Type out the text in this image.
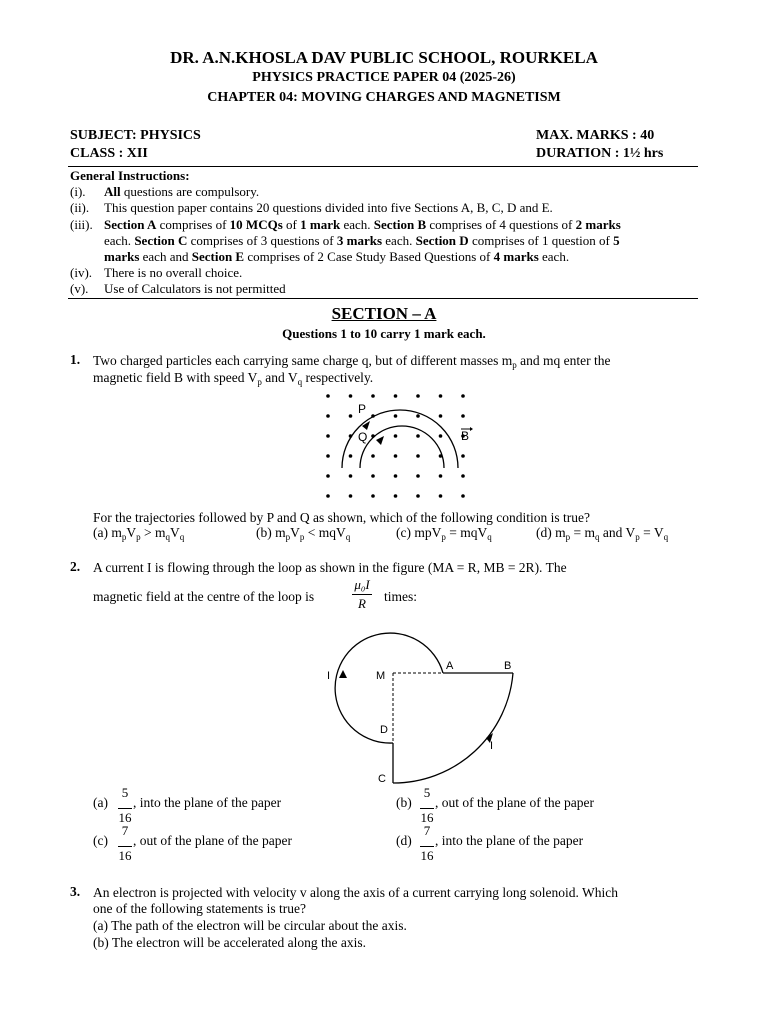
DR. A.N.KHOSLA DAV PUBLIC SCHOOL, ROURKELA
PHYSICS PRACTICE PAPER 04 (2025-26)
CHAPTER 04: MOVING CHARGES AND MAGNETISM
SUBJECT: PHYSICS
CLASS : XII
MAX. MARKS : 40
DURATION : 1½ hrs
General Instructions:
(i). All questions are compulsory.
(ii). This question paper contains 20 questions divided into five Sections A, B, C, D and E.
(iii). Section A comprises of 10 MCQs of 1 mark each. Section B comprises of 4 questions of 2 marks
each. Section C comprises of 3 questions of 3 marks each. Section D comprises of 1 question of 5
marks each and Section E comprises of 2 Case Study Based Questions of 4 marks each.
(iv). There is no overall choice.
(v). Use of Calculators is not permitted
SECTION – A
Questions 1 to 10 carry 1 mark each.
1. Two charged particles each carrying same charge q, but of different masses $m_p$ and mq enter the
magnetic field B with speed $V_p$ and $V_q$ respectively.
P
Q	B
For the trajectories followed by P and Q as shown, which of the following condition is true?
(a) $m_pV_p > m_qV_q$	(b) $m_pV_p < mqV_q$	(c) mpV$_p$ = mqV$_q$	(d) $m_p = m_q$ and $V_p = V_q$
2. A current I is flowing through the loop as shown in the figure (MA = R, MB = 2R). The
magnetic field at the centre of the loop is
μ₀I
R	times:
I	M
A	B
D
C
I
(a)
5
16
, into the plane of the paper	(b)
5
16
, out of the plane of the paper
(c)
7
16
, out of the plane of the paper	(d)
7
16
, into the plane of the paper
3. An electron is projected with velocity v along the axis of a current carrying long solenoid. Which
one of the following statements is true?
(a) The path of the electron will be circular about the axis.
(b) The electron will be accelerated along the axis.
